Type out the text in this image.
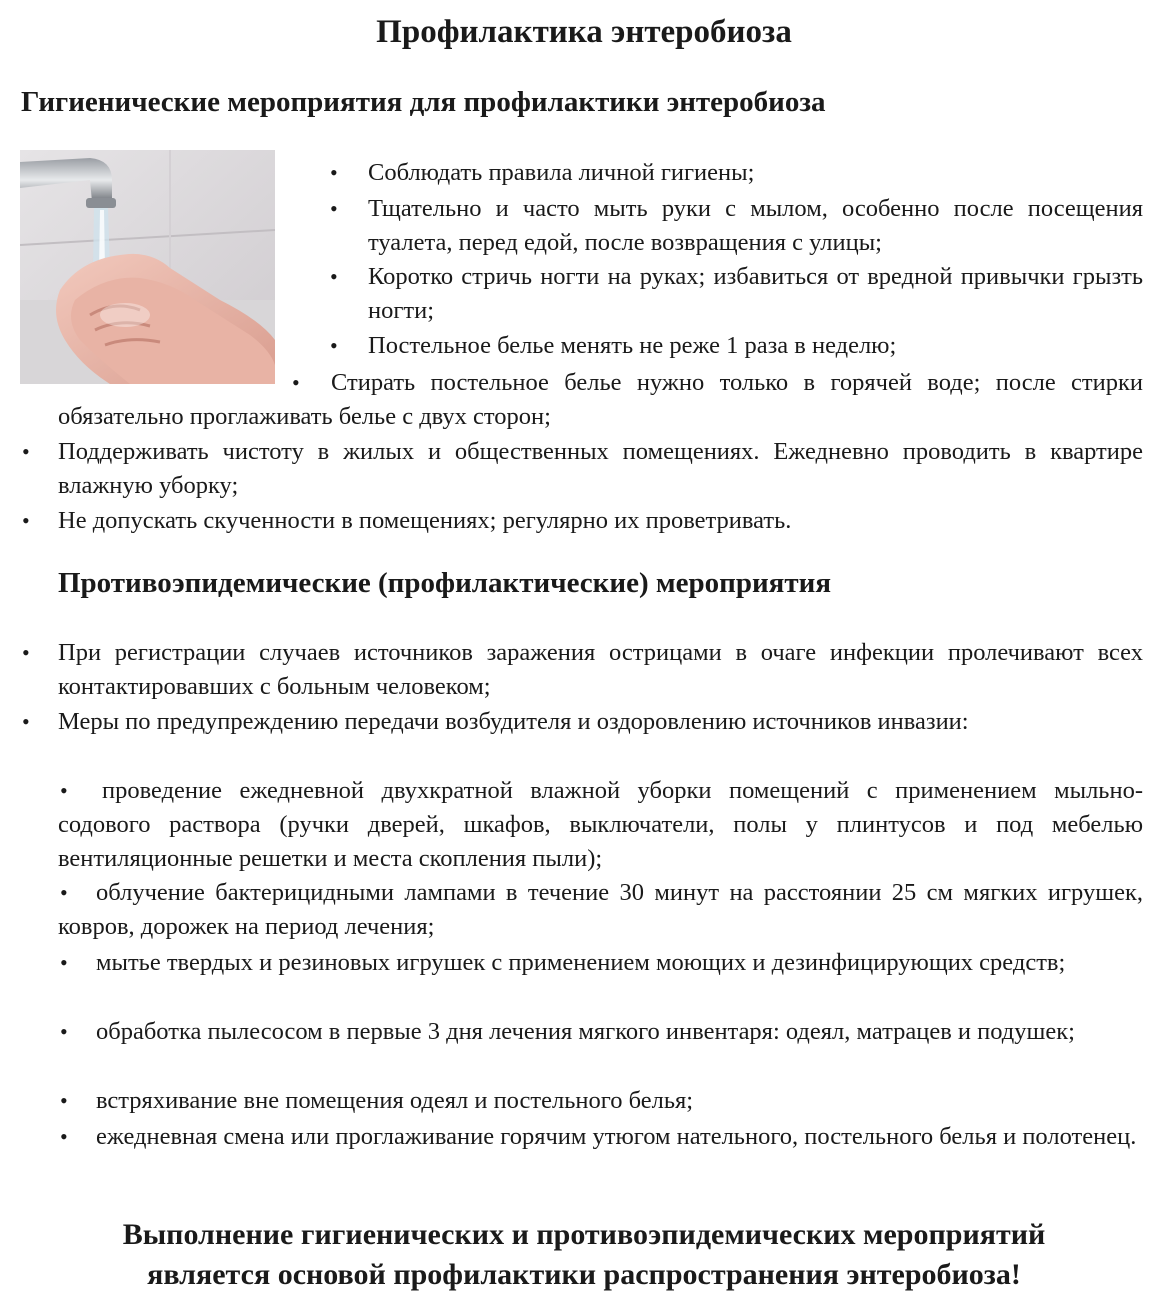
Профилактика энтеробиоза
Гигиенические мероприятия для профилактики энтеробиоза
• Соблюдать правила личной гигиены;
• Тщательно и часто мыть руки с мылом, особенно после посещения туалета, перед едой, после возвращения с улицы;
• Коротко стричь ногти на руках; избавиться от вредной привычки грызть ногти;
• Постельное белье менять не реже 1 раза в неделю;
• Стирать постельное белье нужно только в горячей воде; после стирки обязательно проглаживать белье с двух сторон;
• Поддерживать чистоту в жилых и общественных помещениях. Ежедневно проводить в квартире влажную уборку;
• Не допускать скученности в помещениях; регулярно их проветривать.
Противоэпидемические (профилактические) мероприятия
• При регистрации случаев источников заражения острицами в очаге инфекции пролечивают всех контактировавших с больным человеком;
• Меры по предупреждению передачи возбудителя и оздоровлению источников инвазии:
• проведение ежедневной двухкратной влажной уборки помещений с применением мыльно-содового раствора (ручки дверей, шкафов, выключатели, полы у плинтусов и под мебелью вентиляционные решетки и места скопления пыли);
• облучение бактерицидными лампами в течение 30 минут на расстоянии 25 см мягких игрушек, ковров, дорожек на период лечения;
• мытье твердых и резиновых игрушек с применением моющих и дезинфицирующих средств;
• обработка пылесосом в первые 3 дня лечения мягкого инвентаря: одеял, матрацев и подушек;
• встряхивание вне помещения одеял и постельного белья;
• ежедневная смена или проглаживание горячим утюгом нательного, постельного белья и полотенец.
Выполнение гигиенических и противоэпидемических мероприятий
является основой профилактики распространения энтеробиоза!
